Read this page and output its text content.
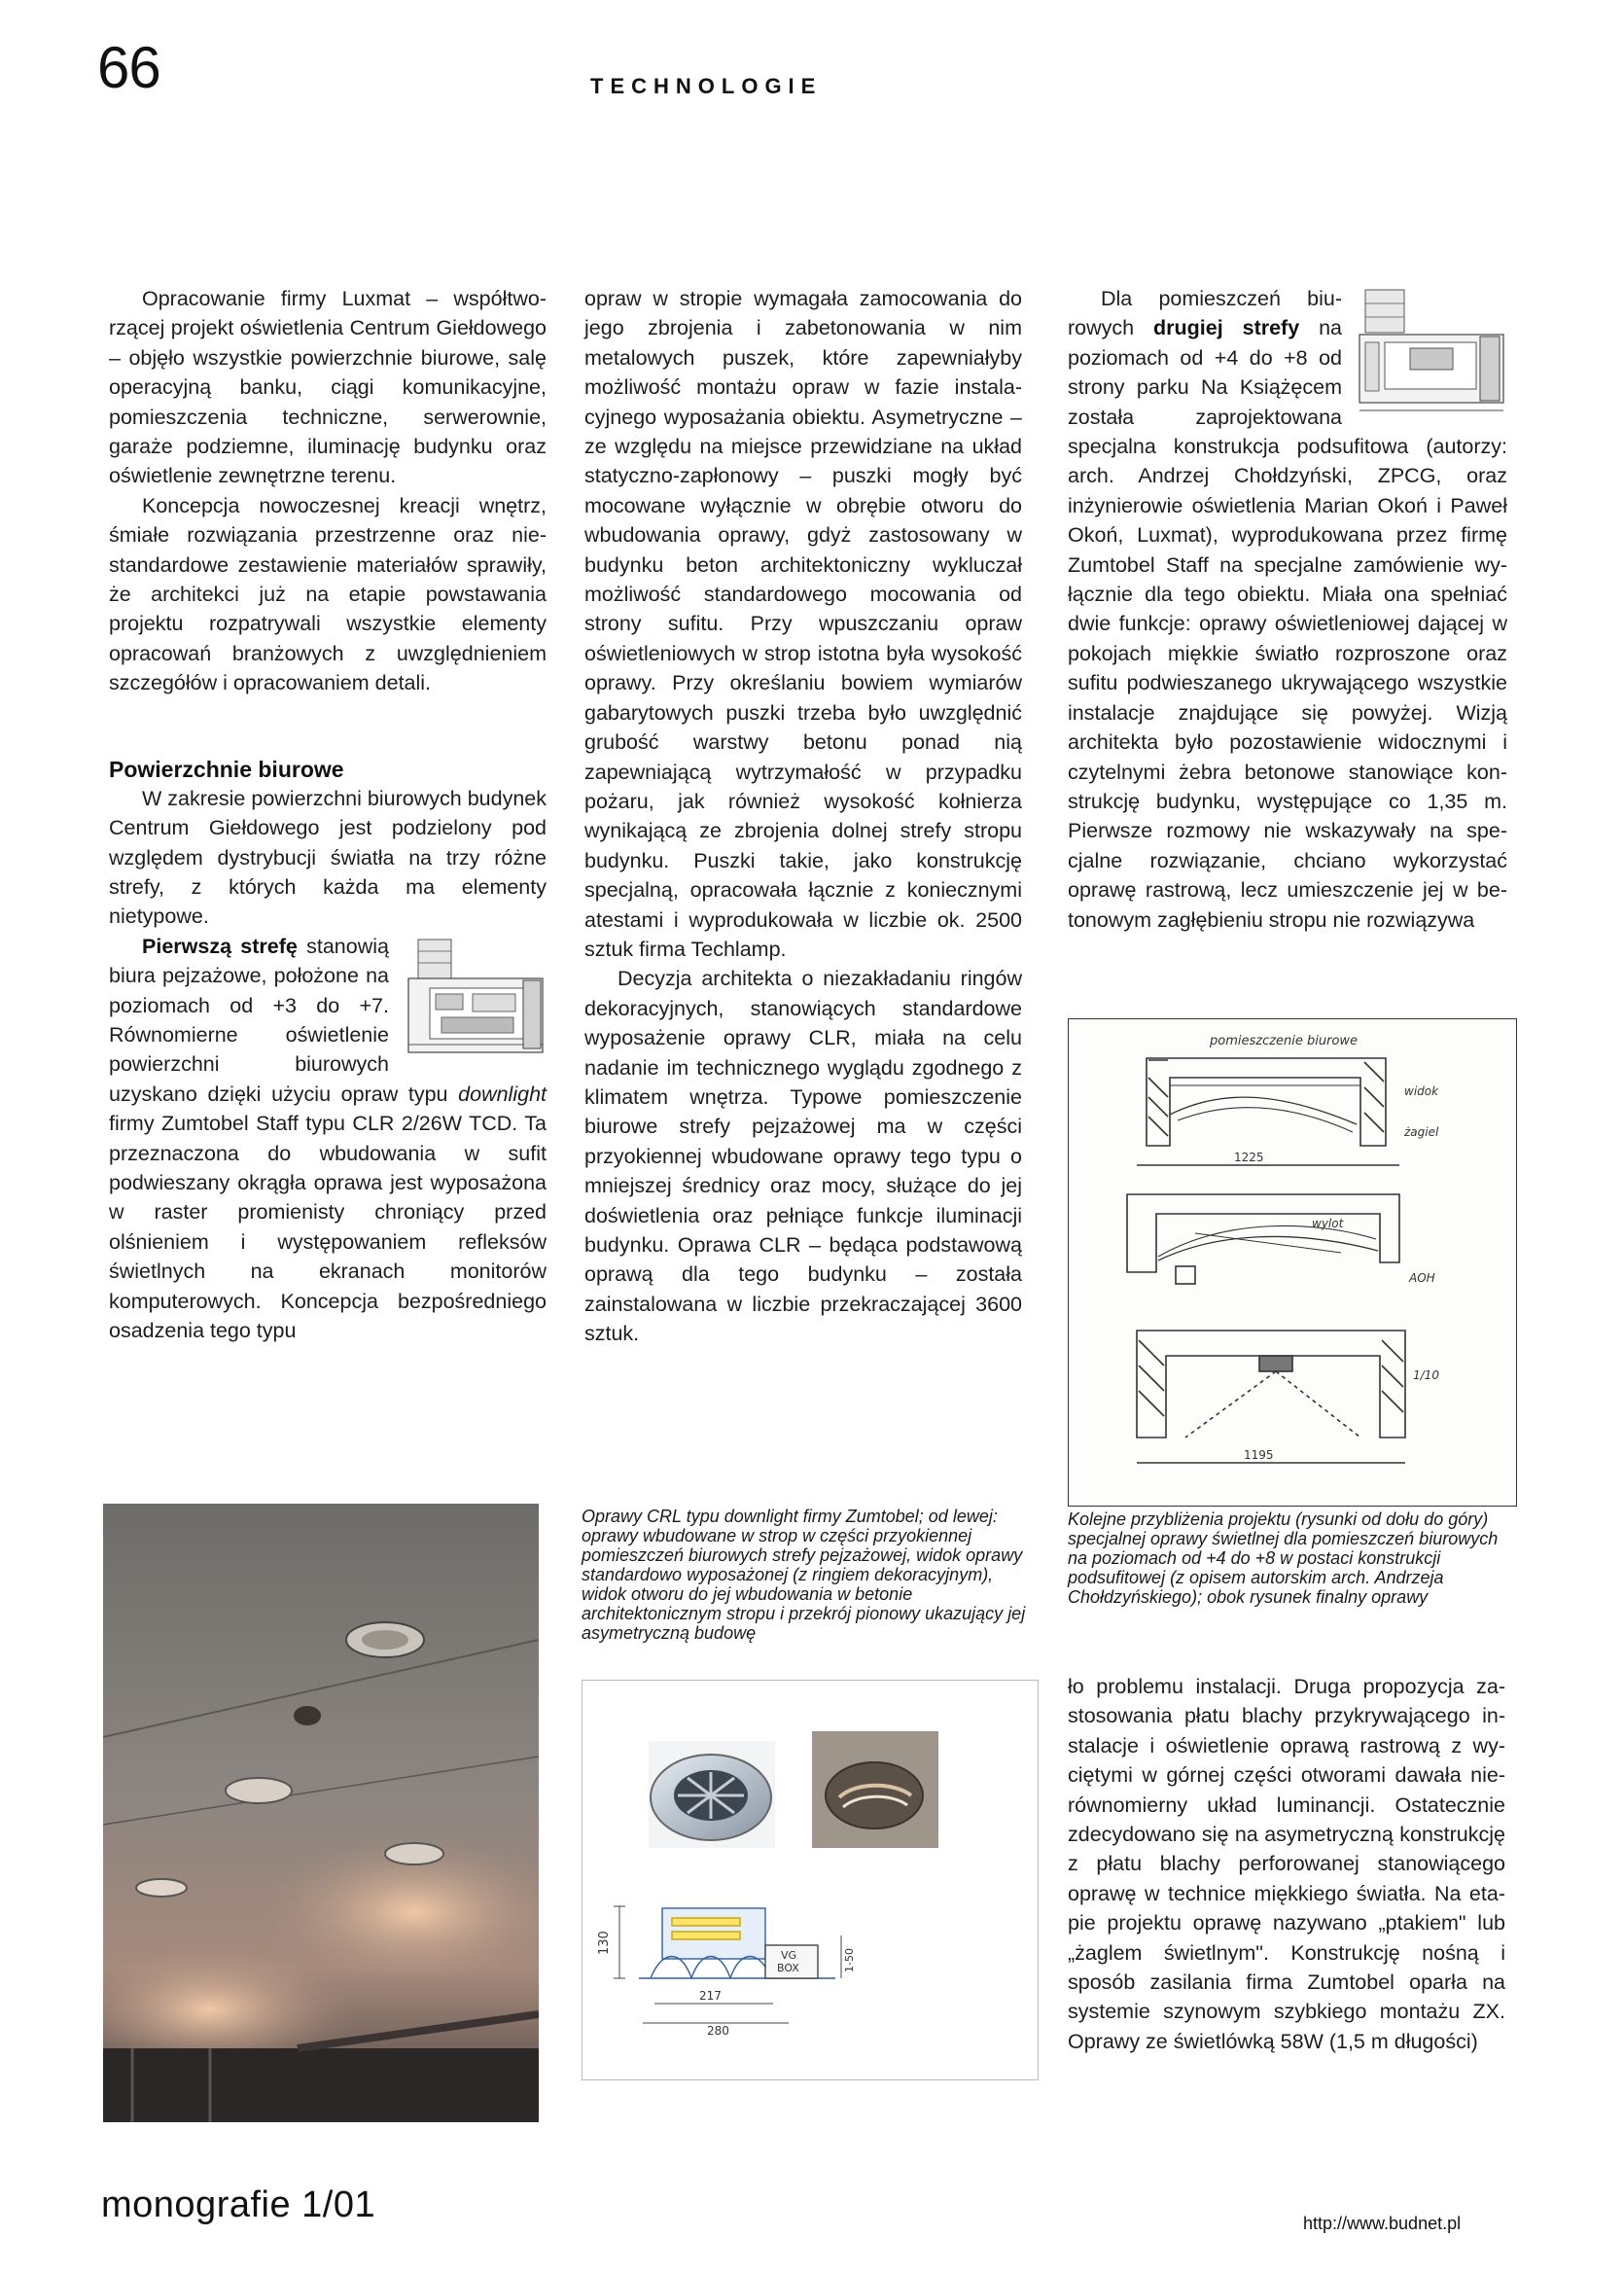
66	TECHNOLOGIE

Opracowanie firmy Luxmat – współtworzącej projekt oświetlenia Centrum Giełdowego – objęło wszystkie powierzchnie biurowe, salę operacyjną banku, ciągi komunikacyjne, pomieszczenia techniczne, serwerownie, garaże podziemne, iluminację budynku oraz oświetlenie zewnętrzne terenu.

Koncepcja nowoczesnej kreacji wnętrz, śmiałe rozwiązania przestrzenne oraz niestandardowe zestawienie materiałów sprawiły, że architekci już na etapie powstawania projektu rozpatrywali wszystkie elementy opracowań branżowych z uwzględnieniem szczegółów i opracowaniem detali.

Powierzchnie biurowe

W zakresie powierzchni biurowych budynek Centrum Giełdowego jest podzielony pod względem dystrybucji światła na trzy różne strefy, z których każda ma elementy nietypowe.

Pierwszą strefę stanowią biura pejzażowe, położone na poziomach od +3 do +7. Równomierne oświetlenie powierzchni biurowych uzyskano dzięki użyciu opraw typu downlight firmy Zumtobel Staff typu CLR 2/26W TCD. Ta przeznaczona do wbudowania w sufit podwieszany okrągła oprawa jest wyposażona w raster promienisty chroniący przed olśnieniem i występowaniem refleksów świetlnych na ekranach monitorów komputerowych. Koncepcja bezpośredniego osadzenia tego typu

opraw w stropie wymagała zamocowania do jego zbrojenia i zabetonowania w nim metalowych puszek, które zapewniałyby możliwość montażu opraw w fazie instalacyjnego wyposażania obiektu. Asymetryczne – ze względu na miejsce przewidziane na układ statyczno-zapłonowy – puszki mogły być mocowane wyłącznie w obrębie otworu do wbudowania oprawy, gdyż zastosowany w budynku beton architektoniczny wykluczał możliwość standardowego mocowania od strony sufitu. Przy wpuszczaniu opraw oświetleniowych w strop istotna była wysokość oprawy. Przy określaniu bowiem wymiarów gabarytowych puszki trzeba było uwzględnić grubość warstwy betonu ponad nią zapewniającą wytrzymałość w przypadku pożaru, jak również wysokość kołnierza wynikającą ze zbrojenia dolnej strefy stropu budynku. Puszki takie, jako konstrukcję specjalną, opracowała łącznie z koniecznymi atestami i wyprodukowała w liczbie ok. 2500 sztuk firma Techlamp.

Decyzja architekta o niezakładaniu ringów dekoracyjnych, stanowiących standardowe wyposażenie oprawy CLR, miała na celu nadanie im technicznego wyglądu zgodnego z klimatem wnętrza. Typowe pomieszczenie biurowe strefy pejzażowej ma w części przyokiennej wbudowane oprawy tego typu o mniejszej średnicy oraz mocy, służące do jej doświetlenia oraz pełniące funkcje iluminacji budynku. Oprawa CLR – będąca podstawową oprawą dla tego budynku – została zainstalowana w liczbie przekraczającej 3600 sztuk.

Dla pomieszczeń biurowych drugiej strefy na poziomach od +4 do +8 od strony parku Na Książęcem została zaprojektowana specjalna konstrukcja podsufitowa (autorzy: arch. Andrzej Chołdzyński, ZPCG, oraz inżynierowie oświetlenia Marian Okoń i Paweł Okoń, Luxmat), wyprodukowana przez firmę Zumtobel Staff na specjalne zamówienie wyłącznie dla tego obiektu. Miała ona spełniać dwie funkcje: oprawy oświetleniowej dającej w pokojach miękkie światło rozproszone oraz sufitu podwieszanego ukrywającego wszystkie instalacje znajdujące się powyżej. Wizją architekta było pozostawienie widocznymi i czytelnymi żebra betonowe stanowiące konstrukcję budynku, występujące co 1,35 m. Pierwsze rozmowy nie wskazywały na specjalne rozwiązanie, chciano wykorzystać oprawę rastrową, lecz umieszczenie jej w betonowym zagłębieniu stropu nie rozwiązywa

ło problemu instalacji. Druga propozycja zastosowania płatu blachy przykrywającego instalacje i oświetlenie oprawą rastrową z wyciętymi w górnej części otworami dawała nierównomierny układ luminancji. Ostatecznie zdecydowano się na asymetryczną konstrukcję z płatu blachy perforowanej stanowiącego oprawę w technice miękkiego światła. Na etapie projektu oprawę nazywano „ptakiem" lub „żaglem świetlnym". Konstrukcję nośną i sposób zasilania firma Zumtobel oparła na systemie szynowym szybkiego montażu ZX. Oprawy ze świetlówką 58W (1,5 m długości)

pomieszczenie biurowe
widok
żagiel
1225
wylot
AOH
1195
1/10
Oprawy CRL typu downlight firmy Zumtobel; od lewej: oprawy wbudowane w strop w części przyokiennej pomieszczeń biurowych strefy pejzażowej, widok oprawy standardowo wyposażonej (z ringiem dekoracyjnym), widok otworu do jej wbudowania w betonie architektonicznym stropu i przekrój pionowy ukazujący jej asymetryczną budowę
Kolejne przybliżenia projektu (rysunki od dołu do góry) specjalnej oprawy świetlnej dla pomieszczeń biurowych na poziomach od +4 do +8 w postaci konstrukcji podsufitowej (z opisem autorskim arch. Andrzeja Chołdzyńskiego); obok rysunek finalny oprawy
130
217
280
VG
BOX	1-50
monografie 1/01	http://www.budnet.pl
